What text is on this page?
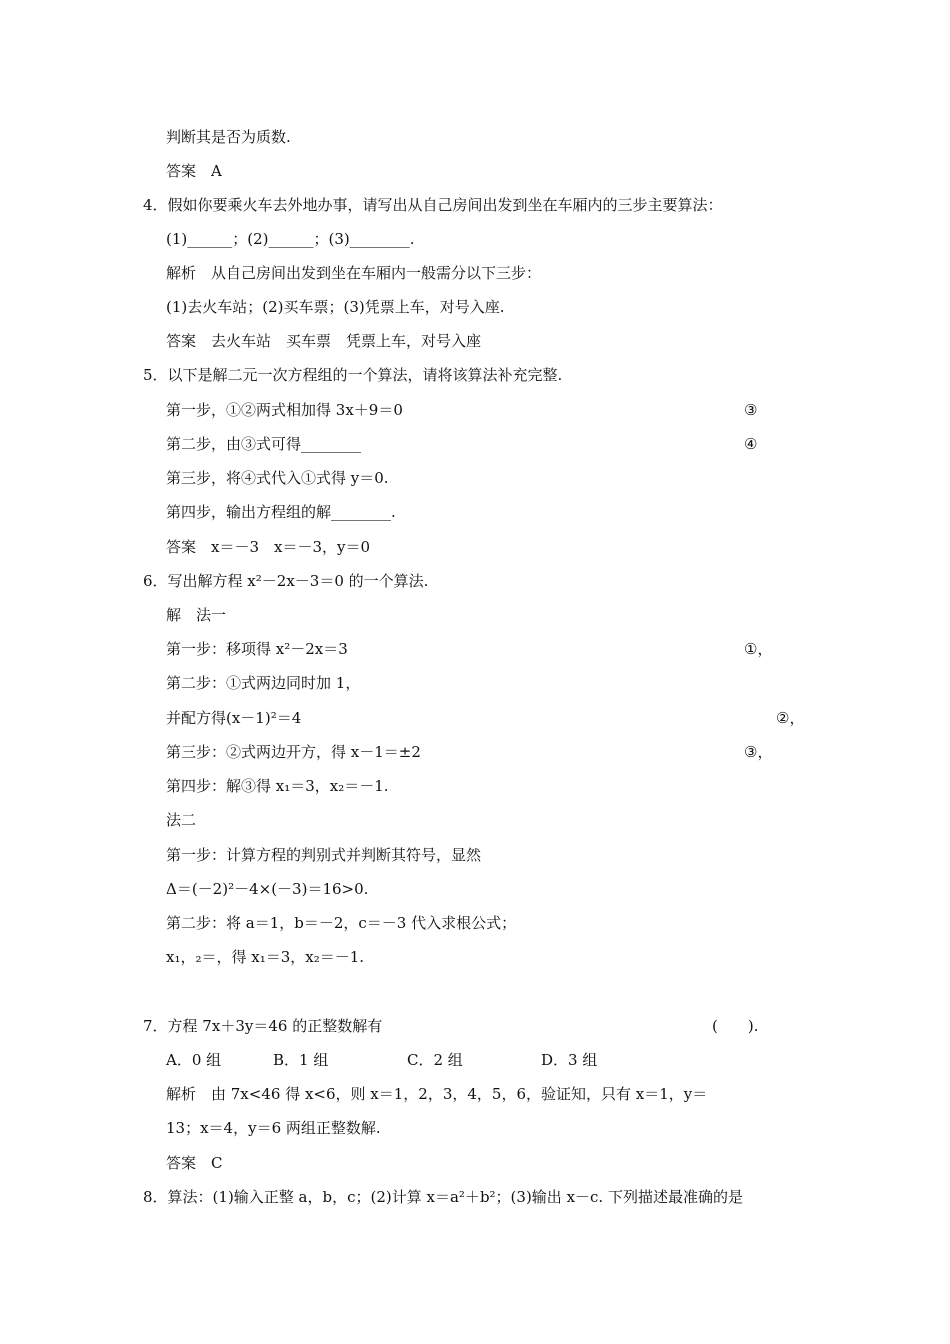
判断其是否为质数.
答案　A
4．假如你要乘火车去外地办事，请写出从自己房间出发到坐在车厢内的三步主要算法：
(1)______；(2)______；(3)________.
解析　从自己房间出发到坐在车厢内一般需分以下三步：
(1)去火车站；(2)买车票；(3)凭票上车，对号入座.
答案　去火车站　买车票　凭票上车，对号入座
5．以下是解二元一次方程组的一个算法，请将该算法补充完整.
第一步，①②两式相加得 3x＋9＝0	③
第二步，由③式可得________	④
第三步，将④式代入①式得 y＝0.
第四步，输出方程组的解________.
答案　x＝－3　x＝－3，y＝0
6．写出解方程 x²－2x－3＝0 的一个算法.
解　法一
第一步：移项得 x²－2x＝3	①，
第二步：①式两边同时加 1，
并配方得(x－1)²＝4	②，
第三步：②式两边开方，得 x－1＝±2	③，
第四步：解③得 x₁＝3，x₂＝－1.
法二
第一步：计算方程的判别式并判断其符号，显然
Δ＝(－2)²－4×(－3)＝16>0.
第二步：将 a＝1，b＝－2，c＝－3 代入求根公式；
x₁，₂＝，得 x₁＝3，x₂＝－1.
7．方程 7x＋3y＝46 的正整数解有	(　　).
A．0 组	B．1 组	C．2 组	D．3 组
解析　由 7x<46 得 x<6，则 x＝1，2，3，4，5，6，验证知，只有 x＝1，y＝
13；x＝4，y＝6 两组正整数解.
答案　C
8．算法：(1)输入正整 a，b，c；(2)计算 x＝a²＋b²；(3)输出 x－c. 下列描述最准确的是
